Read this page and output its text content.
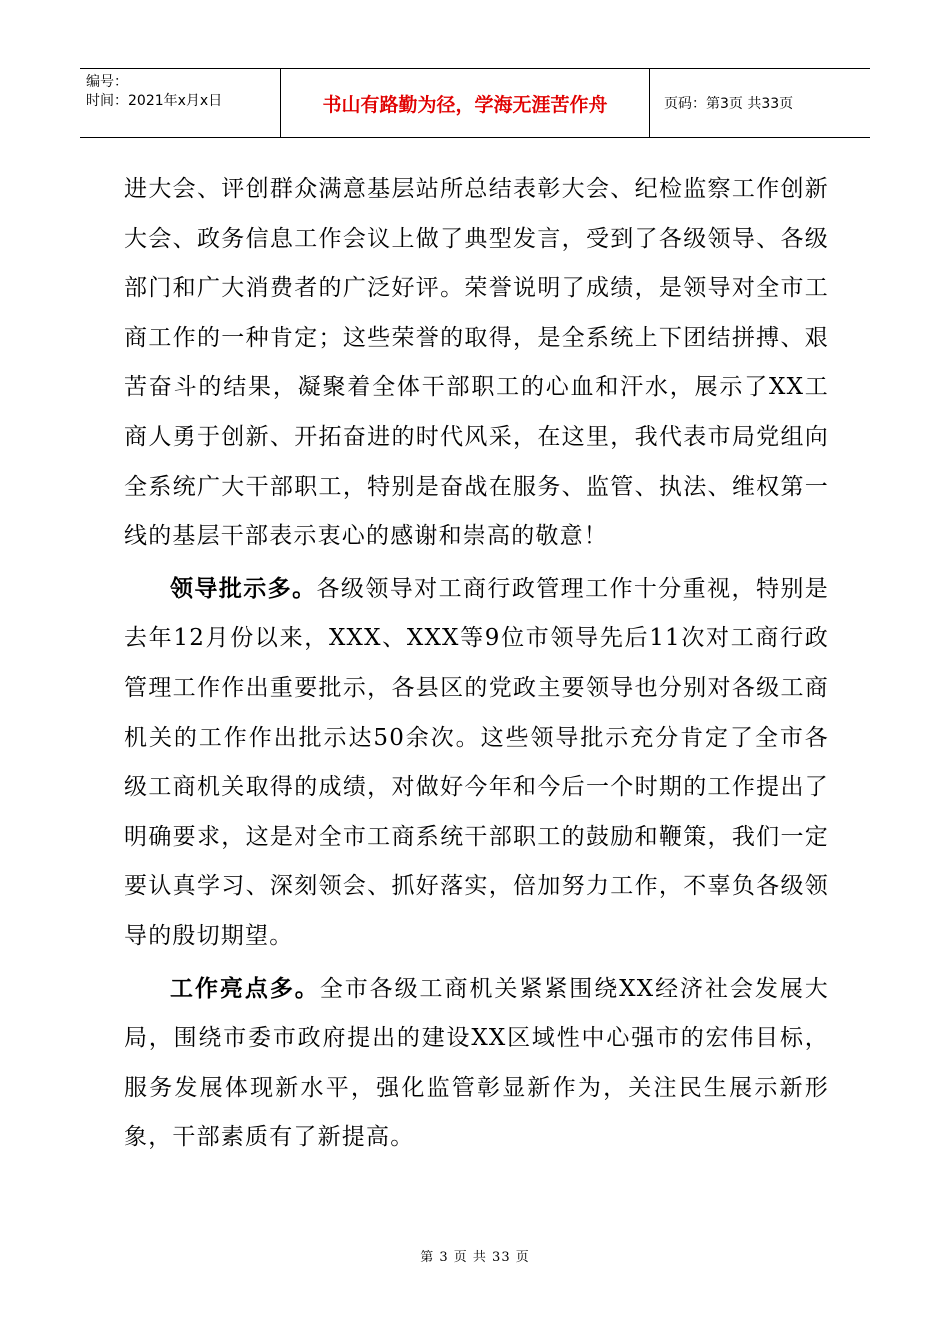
编号：
时间：2021年x月x日	书山有路勤为径，学海无涯苦作舟	页码：第3页 共33页

进大会、评创群众满意基层站所总结表彰大会、纪检监察工作创新大会、政务信息工作会议上做了典型发言，受到了各级领导、各级部门和广大消费者的广泛好评。荣誉说明了成绩，是领导对全市工商工作的一种肯定；这些荣誉的取得，是全系统上下团结拼搏、艰苦奋斗的结果，凝聚着全体干部职工的心血和汗水，展示了XX工商人勇于创新、开拓奋进的时代风采，在这里，我代表市局党组向全系统广大干部职工，特别是奋战在服务、监管、执法、维权第一线的基层干部表示衷心的感谢和崇高的敬意！

领导批示多。各级领导对工商行政管理工作十分重视，特别是去年12月份以来，XXX、XXX等9位市领导先后11次对工商行政管理工作作出重要批示，各县区的党政主要领导也分别对各级工商机关的工作作出批示达50余次。这些领导批示充分肯定了全市各级工商机关取得的成绩，对做好今年和今后一个时期的工作提出了明确要求，这是对全市工商系统干部职工的鼓励和鞭策，我们一定要认真学习、深刻领会、抓好落实，倍加努力工作，不辜负各级领导的殷切期望。

工作亮点多。全市各级工商机关紧紧围绕XX经济社会发展大局，围绕市委市政府提出的建设XX区域性中心强市的宏伟目标，服务发展体现新水平，强化监管彰显新作为，关注民生展示新形象，干部素质有了新提高。

第 3 页 共 33 页
